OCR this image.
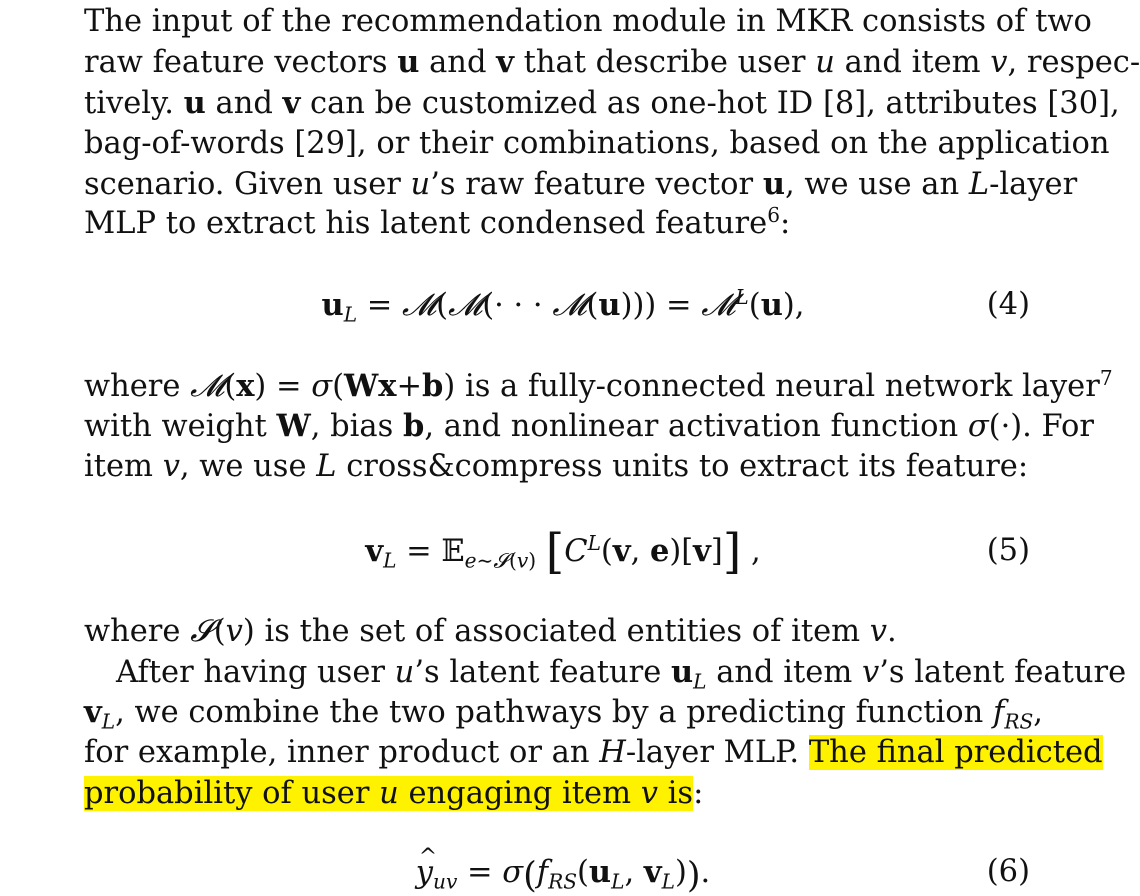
The input of the recommendation module in MKR consists of two
raw feature vectors u and v that describe user u and item v, respec-
tively. u and v can be customized as one-hot ID [8], attributes [30],
bag-of-words [29], or their combinations, based on the application
scenario. Given user u’s raw feature vector u, we use an L-layer
MLP to extract his latent condensed feature$^6$:
$u_L$ = 𝓜(𝓜(· · · 𝓜(u))) = 𝓜$^L$(u),	(4)
where 𝓜(x) = σ(Wx+b) is a fully-connected neural network layer$^7$
with weight W, bias b, and nonlinear activation function σ(·). For
item v, we use L cross&compress units to extract its feature:
$v_L$ = 𝔼$_{e\sim 𝓢(v)}$ [$C^L(v$, e)[v]] ,	(5)
where 𝓢(v) is the set of associated entities of item v.
After having user u’s latent feature $u_L$ and item v’s latent feature
$v_L$, we combine the two pathways by a predicting function $f_{RS}$,
for example, inner product or an H-layer MLP. The final predicted
probability of user u engaging item v is:
^ $y_{uv} = \sigma(f_{RS}(u_L$, $v_L$)).	(6)
